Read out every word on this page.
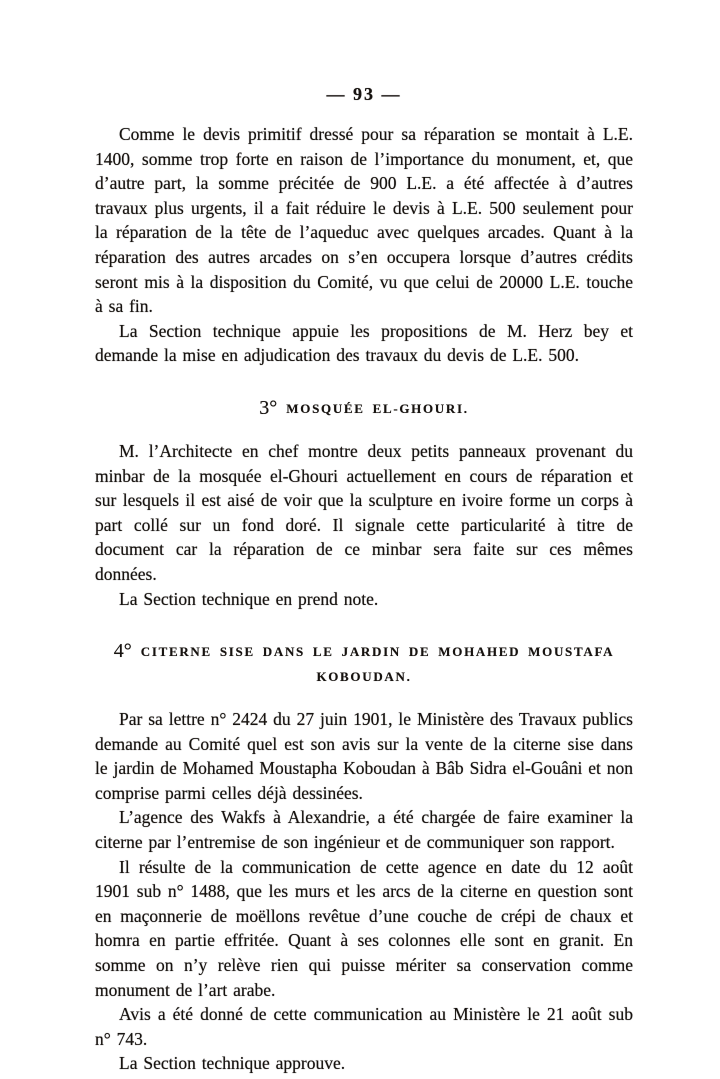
— 93 —

Comme le devis primitif dressé pour sa réparation se montait à L.E. 1400, somme trop forte en raison de l’importance du monument, et, que d’autre part, la somme précitée de 900 L.E. a été affectée à d’autres travaux plus urgents, il a fait réduire le devis à L.E. 500 seulement pour la réparation de la tête de l’aqueduc avec quelques arcades. Quant à la réparation des autres arcades on s’en occupera lorsque d’autres crédits seront mis à la disposition du Comité, vu que celui de 20000 L.E. touche à sa fin.

La Section technique appuie les propositions de M. Herz bey et demande la mise en adjudication des travaux du devis de L.E. 500.

3° MOSQUÉE EL-GHOURI.

M. l’Architecte en chef montre deux petits panneaux provenant du minbar de la mosquée el-Ghouri actuellement en cours de réparation et sur lesquels il est aisé de voir que la sculpture en ivoire forme un corps à part collé sur un fond doré. Il signale cette particularité à titre de document car la réparation de ce minbar sera faite sur ces mêmes données.

La Section technique en prend note.

4° CITERNE SISE DANS LE JARDIN DE MOHAHED MOUSTAFA KOBOUDAN.

Par sa lettre n° 2424 du 27 juin 1901, le Ministère des Travaux publics demande au Comité quel est son avis sur la vente de la citerne sise dans le jardin de Mohamed Moustapha Koboudan à Bâb Sidra el-Gouâni et non comprise parmi celles déjà dessinées.

L’agence des Wakfs à Alexandrie, a été chargée de faire examiner la citerne par l’entremise de son ingénieur et de communiquer son rapport.

Il résulte de la communication de cette agence en date du 12 août 1901 sub n° 1488, que les murs et les arcs de la citerne en question sont en maçonnerie de moëllons revêtue d’une couche de crépi de chaux et homra en partie effritée. Quant à ses colonnes elle sont en granit. En somme on n’y relève rien qui puisse mériter sa conservation comme monument de l’art arabe.

Avis a été donné de cette communication au Ministère le 21 août sub n° 743.

La Section technique approuve.
